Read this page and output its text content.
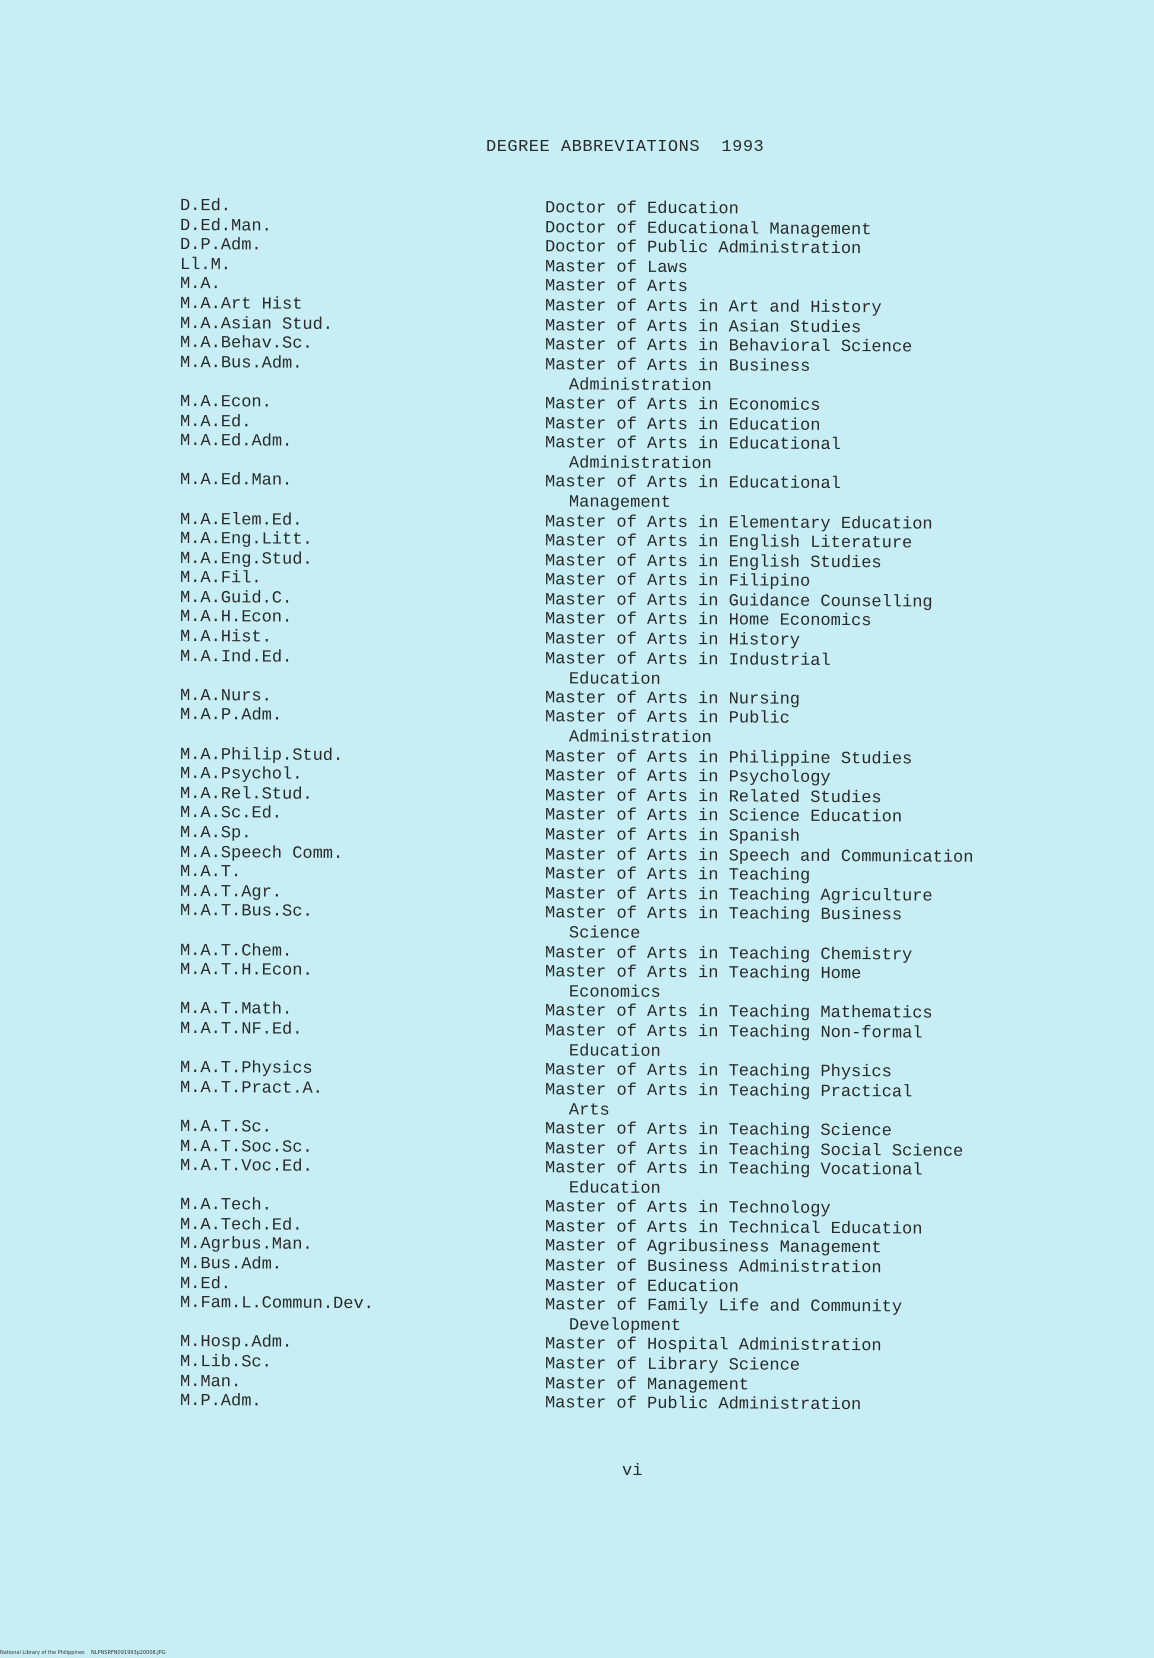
DEGREE ABBREVIATIONS  1993
D.Ed.	Doctor of Education
D.Ed.Man.	Doctor of Educational Management
D.P.Adm.	Doctor of Public Administration
Ll.M.	Master of Laws
M.A.	Master of Arts
M.A.Art Hist	Master of Arts in Art and History
M.A.Asian Stud.	Master of Arts in Asian Studies
M.A.Behav.Sc.	Master of Arts in Behavioral Science
M.A.Bus.Adm.	Master of Arts in Business
Administration
M.A.Econ.	Master of Arts in Economics
M.A.Ed.	Master of Arts in Education
M.A.Ed.Adm.	Master of Arts in Educational
Administration
M.A.Ed.Man.	Master of Arts in Educational
Management
M.A.Elem.Ed.	Master of Arts in Elementary Education
M.A.Eng.Litt.	Master of Arts in English Literature
M.A.Eng.Stud.	Master of Arts in English Studies
M.A.Fil.	Master of Arts in Filipino
M.A.Guid.C.	Master of Arts in Guidance Counselling
M.A.H.Econ.	Master of Arts in Home Economics
M.A.Hist.	Master of Arts in History
M.A.Ind.Ed.	Master of Arts in Industrial
Education
M.A.Nurs.	Master of Arts in Nursing
M.A.P.Adm.	Master of Arts in Public
Administration
M.A.Philip.Stud.	Master of Arts in Philippine Studies
M.A.Psychol.	Master of Arts in Psychology
M.A.Rel.Stud.	Master of Arts in Related Studies
M.A.Sc.Ed.	Master of Arts in Science Education
M.A.Sp.	Master of Arts in Spanish
M.A.Speech Comm.	Master of Arts in Speech and Communication
M.A.T.	Master of Arts in Teaching
M.A.T.Agr.	Master of Arts in Teaching Agriculture
M.A.T.Bus.Sc.	Master of Arts in Teaching Business
Science
M.A.T.Chem.	Master of Arts in Teaching Chemistry
M.A.T.H.Econ.	Master of Arts in Teaching Home
Economics
M.A.T.Math.	Master of Arts in Teaching Mathematics
M.A.T.NF.Ed.	Master of Arts in Teaching Non-formal
Education
M.A.T.Physics	Master of Arts in Teaching Physics
M.A.T.Pract.A.	Master of Arts in Teaching Practical
Arts
M.A.T.Sc.	Master of Arts in Teaching Science
M.A.T.Soc.Sc.	Master of Arts in Teaching Social Science
M.A.T.Voc.Ed.	Master of Arts in Teaching Vocational
Education
M.A.Tech.	Master of Arts in Technology
M.A.Tech.Ed.	Master of Arts in Technical Education
M.Agrbus.Man.	Master of Agribusiness Management
M.Bus.Adm.	Master of Business Administration
M.Ed.	Master of Education
M.Fam.L.Commun.Dev.	Master of Family Life and Community
Development
M.Hosp.Adm.	Master of Hospital Administration
M.Lib.Sc.	Master of Library Science
M.Man.	Master of Management
M.P.Adm.	Master of Public Administration
vi
National Library of the Philippines    NLPNSRFN091993p20008.JPG
